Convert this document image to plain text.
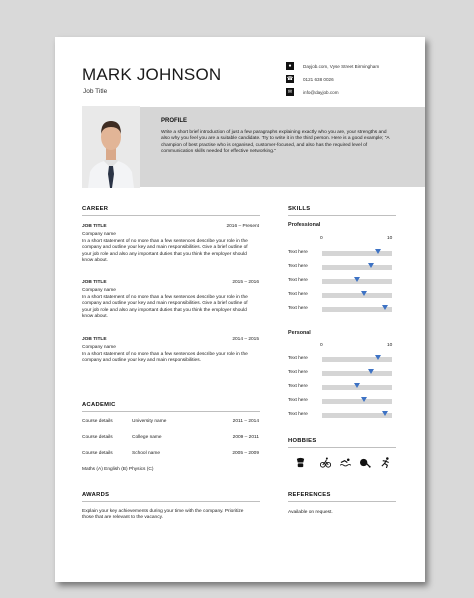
MARK JOHNSON
Job Title
●	Dayjob.com, Vyse Street Birmingham
☎ 0121 638 0026
✉	info@dayjob.com
PROFILE
Write a short brief introduction of just a few paragraphs explaining exactly who you are, your strengths and also why you feel you are a suitable candidate. Try to write it in the third person. Here is a good example; "A champion of best practise who is organised, customer-focused, and also has the required level of communication skills needed for effective networking."
CAREER
JOB TITLE	2016 – Present
Company name
In a short statement of no more than a few sentences describe your role in the company and outline your key and main responsibilities. Give a brief outline of your job role and also any important duties that you think the employer should know about.
JOB TITLE	2015 – 2016
Company name
In a short statement of no more than a few sentences describe your role in the company and outline your key and main responsibilities. Give a brief outline of your job role and also any important duties that you think the employer should know about.
JOB TITLE	2014 – 2015
Company name
In a short statement of no more than a few sentences describe your role in the company and outline your key and main responsibilities.
ACADEMIC
Course details	University name	2011 – 2014
Course details	College name	2009 – 2011
Course details	School name	2005 – 2009
Maths (A) English (B) Physics (C)
AWARDS
Explain your key achievements during your time with the company. Prioritize those that are relevant to the vacancy.
SKILLS
Professional
0	10
Personal
0	10
HOBBIES
REFERENCES
Available on request.
Text here
Text here
Text here
Text here
Text here
Text here
Text here
Text here
Text here
Text here
